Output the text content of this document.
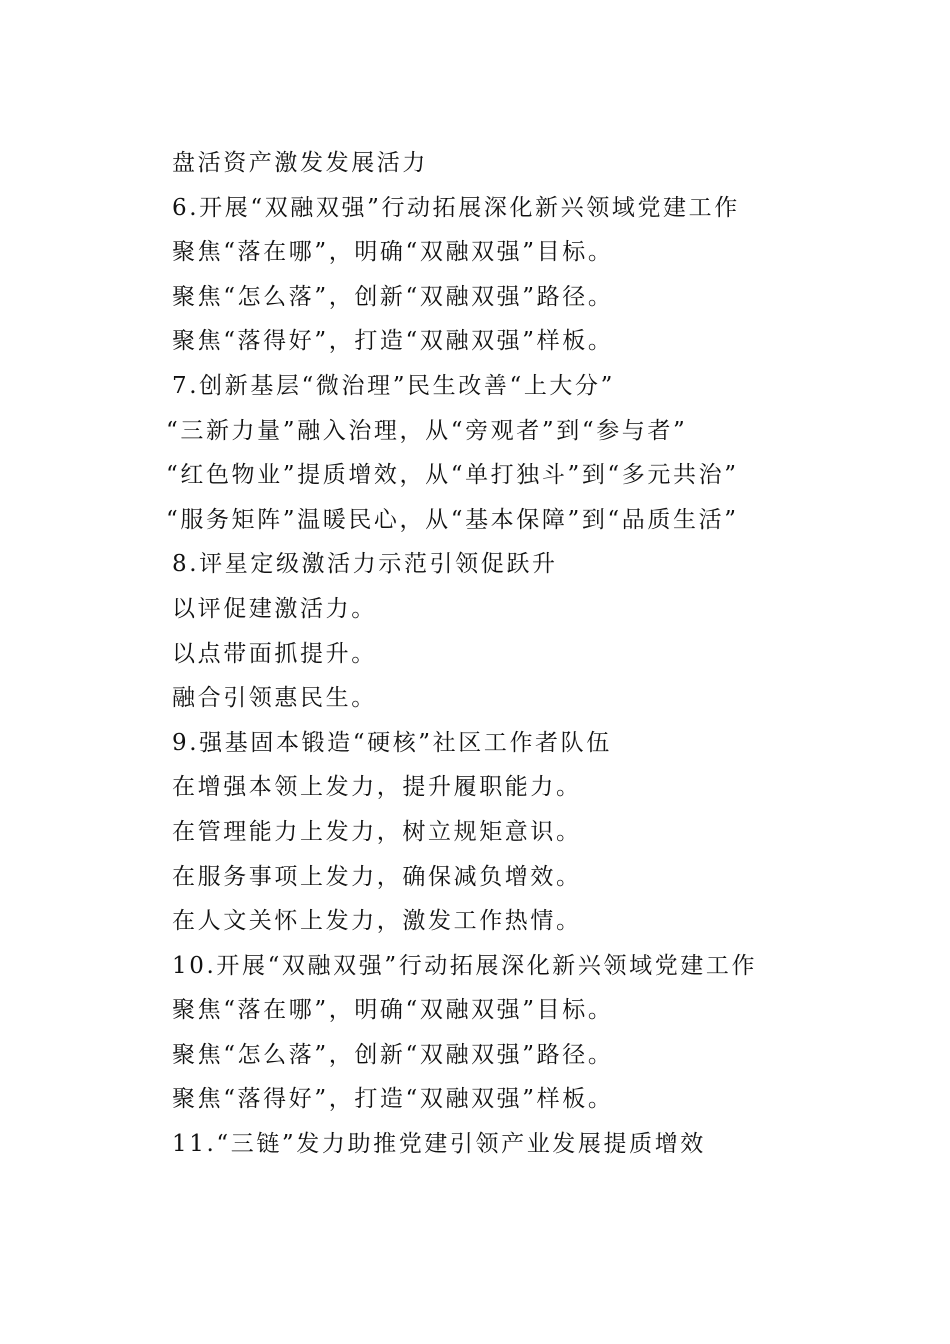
盘活资产激发发展活力
6.开展“双融双强”行动拓展深化新兴领域党建工作
聚焦“落在哪”，明确“双融双强”目标。
聚焦“怎么落”，创新“双融双强”路径。
聚焦“落得好”，打造“双融双强”样板。
7.创新基层“微治理”民生改善“上大分”
“三新力量”融入治理，从“旁观者”到“参与者”
“红色物业”提质增效，从“单打独斗”到“多元共治”
“服务矩阵”温暖民心，从“基本保障”到“品质生活”
8.评星定级激活力示范引领促跃升
以评促建激活力。
以点带面抓提升。
融合引领惠民生。
9.强基固本锻造“硬核”社区工作者队伍
在增强本领上发力，提升履职能力。
在管理能力上发力，树立规矩意识。
在服务事项上发力，确保减负增效。
在人文关怀上发力，激发工作热情。
10.开展“双融双强”行动拓展深化新兴领域党建工作
聚焦“落在哪”，明确“双融双强”目标。
聚焦“怎么落”，创新“双融双强”路径。
聚焦“落得好”，打造“双融双强”样板。
11.“三链”发力助推党建引领产业发展提质增效
